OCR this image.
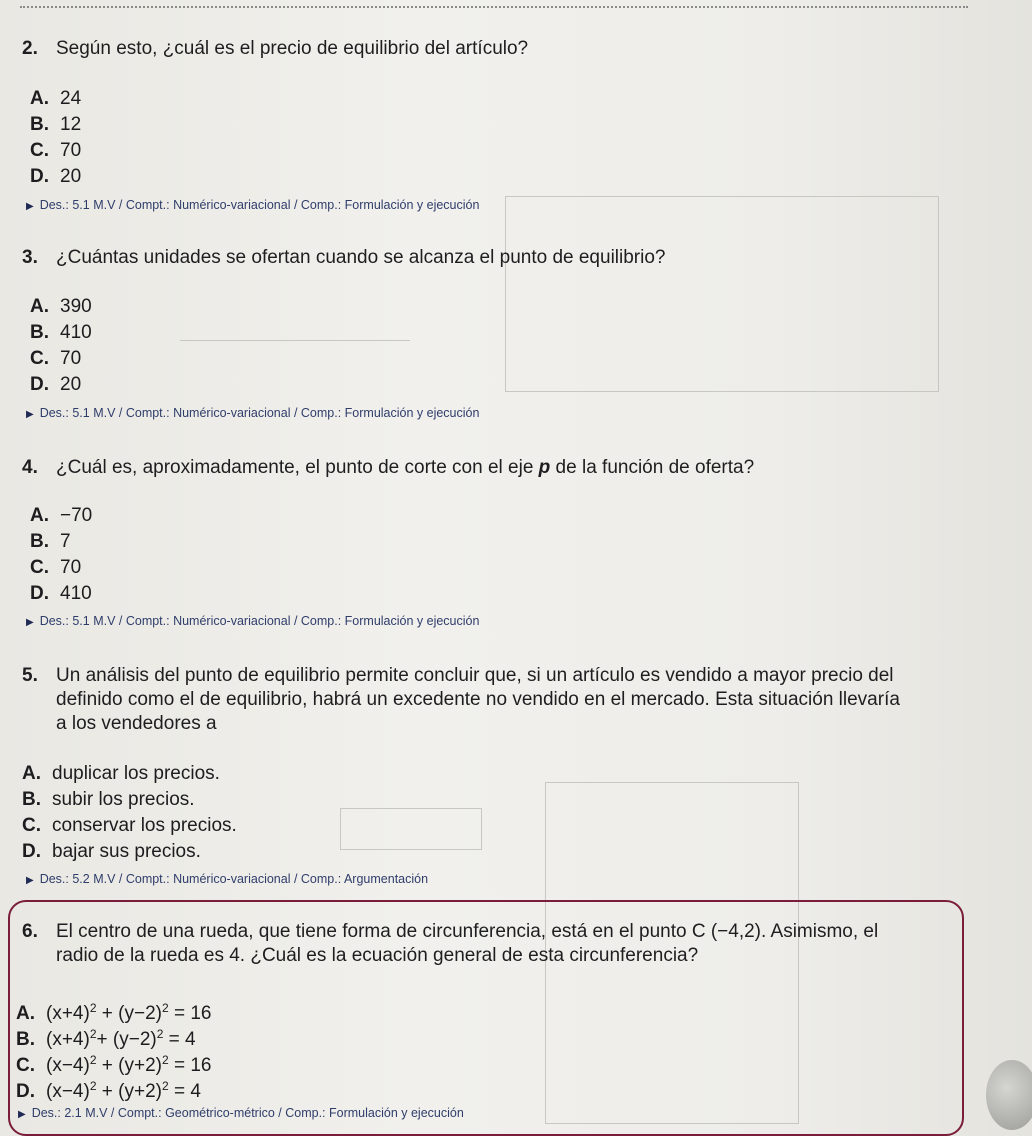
2. Según esto, ¿cuál es el precio de equilibrio del artículo?
A. 24
B. 12
C. 70
D. 20
▶ Des.: 5.1 M.V / Compt.: Numérico-variacional / Comp.: Formulación y ejecución
3. ¿Cuántas unidades se ofertan cuando se alcanza el punto de equilibrio?
A. 390
B. 410
C. 70
D. 20
▶ Des.: 5.1 M.V / Compt.: Numérico-variacional / Comp.: Formulación y ejecución
4. ¿Cuál es, aproximadamente, el punto de corte con el eje p de la función de oferta?
A. −70
B. 7
C. 70
D. 410
▶ Des.: 5.1 M.V / Compt.: Numérico-variacional / Comp.: Formulación y ejecución
5. Un análisis del punto de equilibrio permite concluir que, si un artículo es vendido a mayor precio del
definido como el de equilibrio, habrá un excedente no vendido en el mercado. Esta situación llevaría
a los vendedores a
A. duplicar los precios.
B. subir los precios.
C. conservar los precios.
D. bajar sus precios.
▶ Des.: 5.2 M.V / Compt.: Numérico-variacional / Comp.: Argumentación
6. El centro de una rueda, que tiene forma de circunferencia, está en el punto C (−4,2). Asimismo, el
radio de la rueda es 4. ¿Cuál es la ecuación general de esta circunferencia?
A. $(x+4)^2 + (y-2)^2 = 16$
B. $(x+4)^2+ (y-2)^2 = 4$
C. $(x-4)^2 + (y+2)^2 = 16$
D. $(x-4)^2 + (y+2)^2 = 4$
▶ Des.: 2.1 M.V / Compt.: Geométrico-métrico / Comp.: Formulación y ejecución
